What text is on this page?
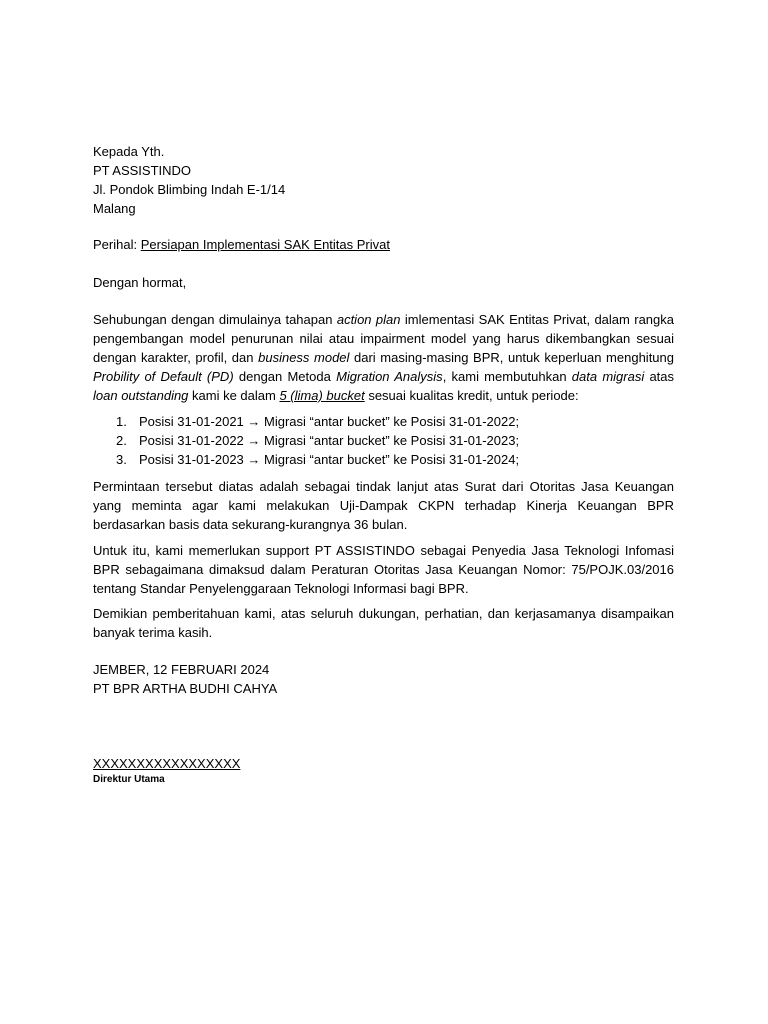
Kepada Yth.

PT ASSISTINDO

Jl. Pondok Blimbing Indah E-1/14

Malang

Perihal: Persiapan Implementasi SAK Entitas Privat

Dengan hormat,

Sehubungan dengan dimulainya tahapan action plan imlementasi SAK Entitas Privat, dalam rangka pengembangan model penurunan nilai atau impairment model yang harus dikembangkan sesuai dengan karakter, profil, dan business model dari masing-masing BPR, untuk keperluan menghitung Probility of Default (PD) dengan Metoda Migration Analysis, kami membutuhkan data migrasi atas loan outstanding kami ke dalam 5 (lima) bucket sesuai kualitas kredit, untuk periode:

1. Posisi 31-01-2021 → Migrasi “antar bucket” ke Posisi 31-01-2022;
2. Posisi 31-01-2022 → Migrasi “antar bucket” ke Posisi 31-01-2023;
3. Posisi 31-01-2023 → Migrasi “antar bucket” ke Posisi 31-01-2024;

Permintaan tersebut diatas adalah sebagai tindak lanjut atas Surat dari Otoritas Jasa Keuangan yang meminta agar kami melakukan Uji-Dampak CKPN terhadap Kinerja Keuangan BPR berdasarkan basis data sekurang-kurangnya 36 bulan.

Untuk itu, kami memerlukan support PT ASSISTINDO sebagai Penyedia Jasa Teknologi Infomasi BPR sebagaimana dimaksud dalam Peraturan Otoritas Jasa Keuangan Nomor: 75/POJK.03/2016 tentang Standar Penyelenggaraan Teknologi Informasi bagi BPR.

Demikian pemberitahuan kami, atas seluruh dukungan, perhatian, dan kerjasamanya disampaikan banyak terima kasih.

JEMBER, 12 FEBRUARI 2024

PT BPR ARTHA BUDHI CAHYA

XXXXXXXXXXXXXXXXX
Direktur Utama
